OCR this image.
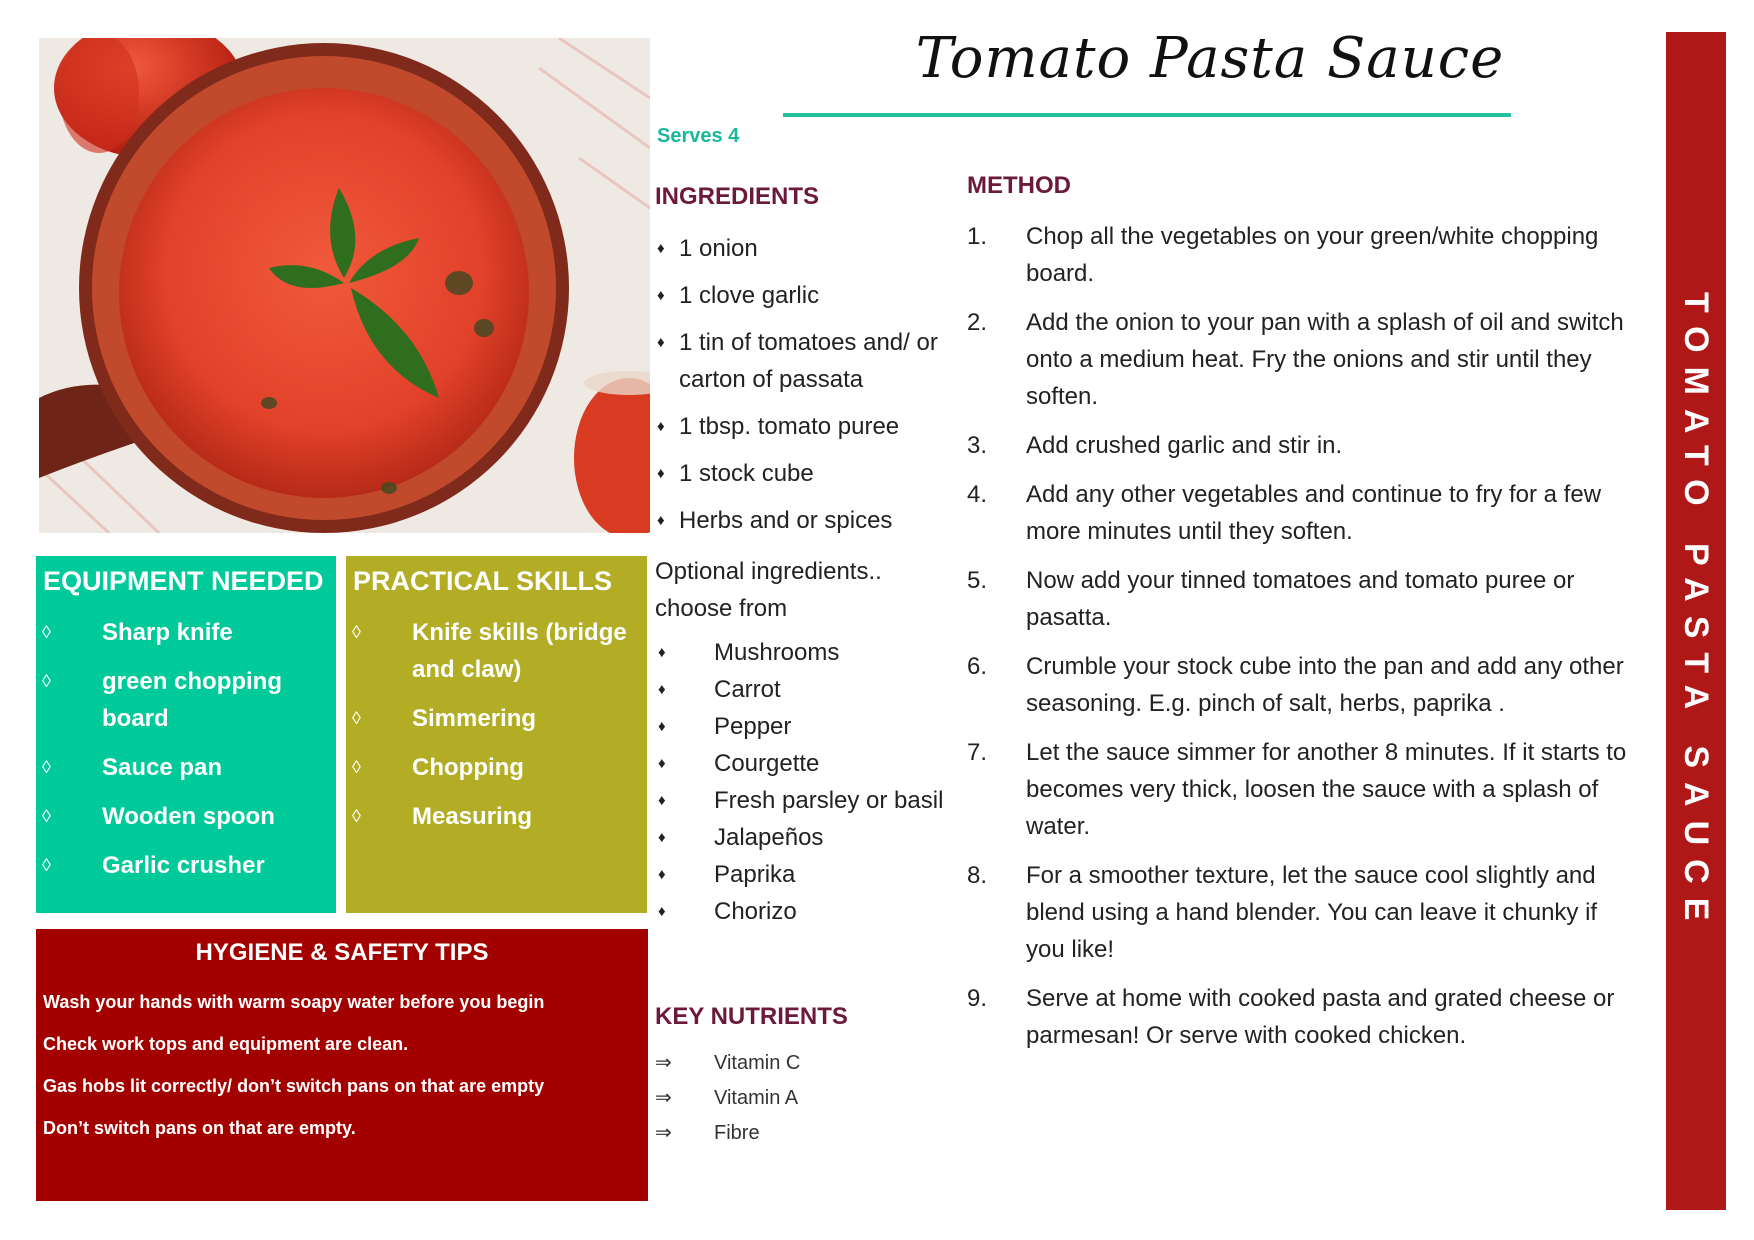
Tomato Pasta Sauce
Serves 4
INGREDIENTS
♦ 1 onion
♦ 1 clove garlic
♦ 1 tin of tomatoes and/ or carton of passata
♦ 1 tbsp. tomato puree
♦ 1 stock cube
♦ Herbs and or spices
Optional ingredients.. choose from
♦ Mushrooms
♦ Carrot
♦ Pepper
♦ Courgette
♦ Fresh parsley or basil
♦ Jalapeños
♦ Paprika
♦ Chorizo
KEY NUTRIENTS
⇒ Vitamin C
⇒ Vitamin A
⇒ Fibre
METHOD
1. Chop all the vegetables on your green/white chopping board.
2. Add the onion to your pan with a splash of oil and switch onto a medium heat. Fry the onions and stir until they soften.
3. Add crushed garlic and stir in.
4. Add any other vegetables and continue to fry for a few more minutes until they soften.
5. Now add your tinned tomatoes and tomato puree or pasatta.
6. Crumble your stock cube into the pan and add any other seasoning. E.g. pinch of salt, herbs, paprika .
7. Let the sauce simmer for another 8 minutes. If it starts to becomes very thick, loosen the sauce with a splash of water.
8. For a smoother texture, let the sauce cool slightly and blend using a hand blender. You can leave it chunky if you like!
9. Serve at home with cooked pasta and grated cheese or parmesan! Or serve with cooked chicken.
EQUIPMENT NEEDED
◊ Sharp knife
◊ green chopping board
◊ Sauce pan
◊ Wooden spoon
◊ Garlic crusher
PRACTICAL SKILLS
◊ Knife skills (bridge and claw)
◊ Simmering
◊ Chopping
◊ Measuring
HYGIENE & SAFETY TIPS
Wash your hands with warm soapy water before you begin
Check work tops and equipment are clean.
Gas hobs lit correctly/ don’t switch pans on that are empty
Don’t switch pans on that are empty.
TOMATO PASTA SAUCE
